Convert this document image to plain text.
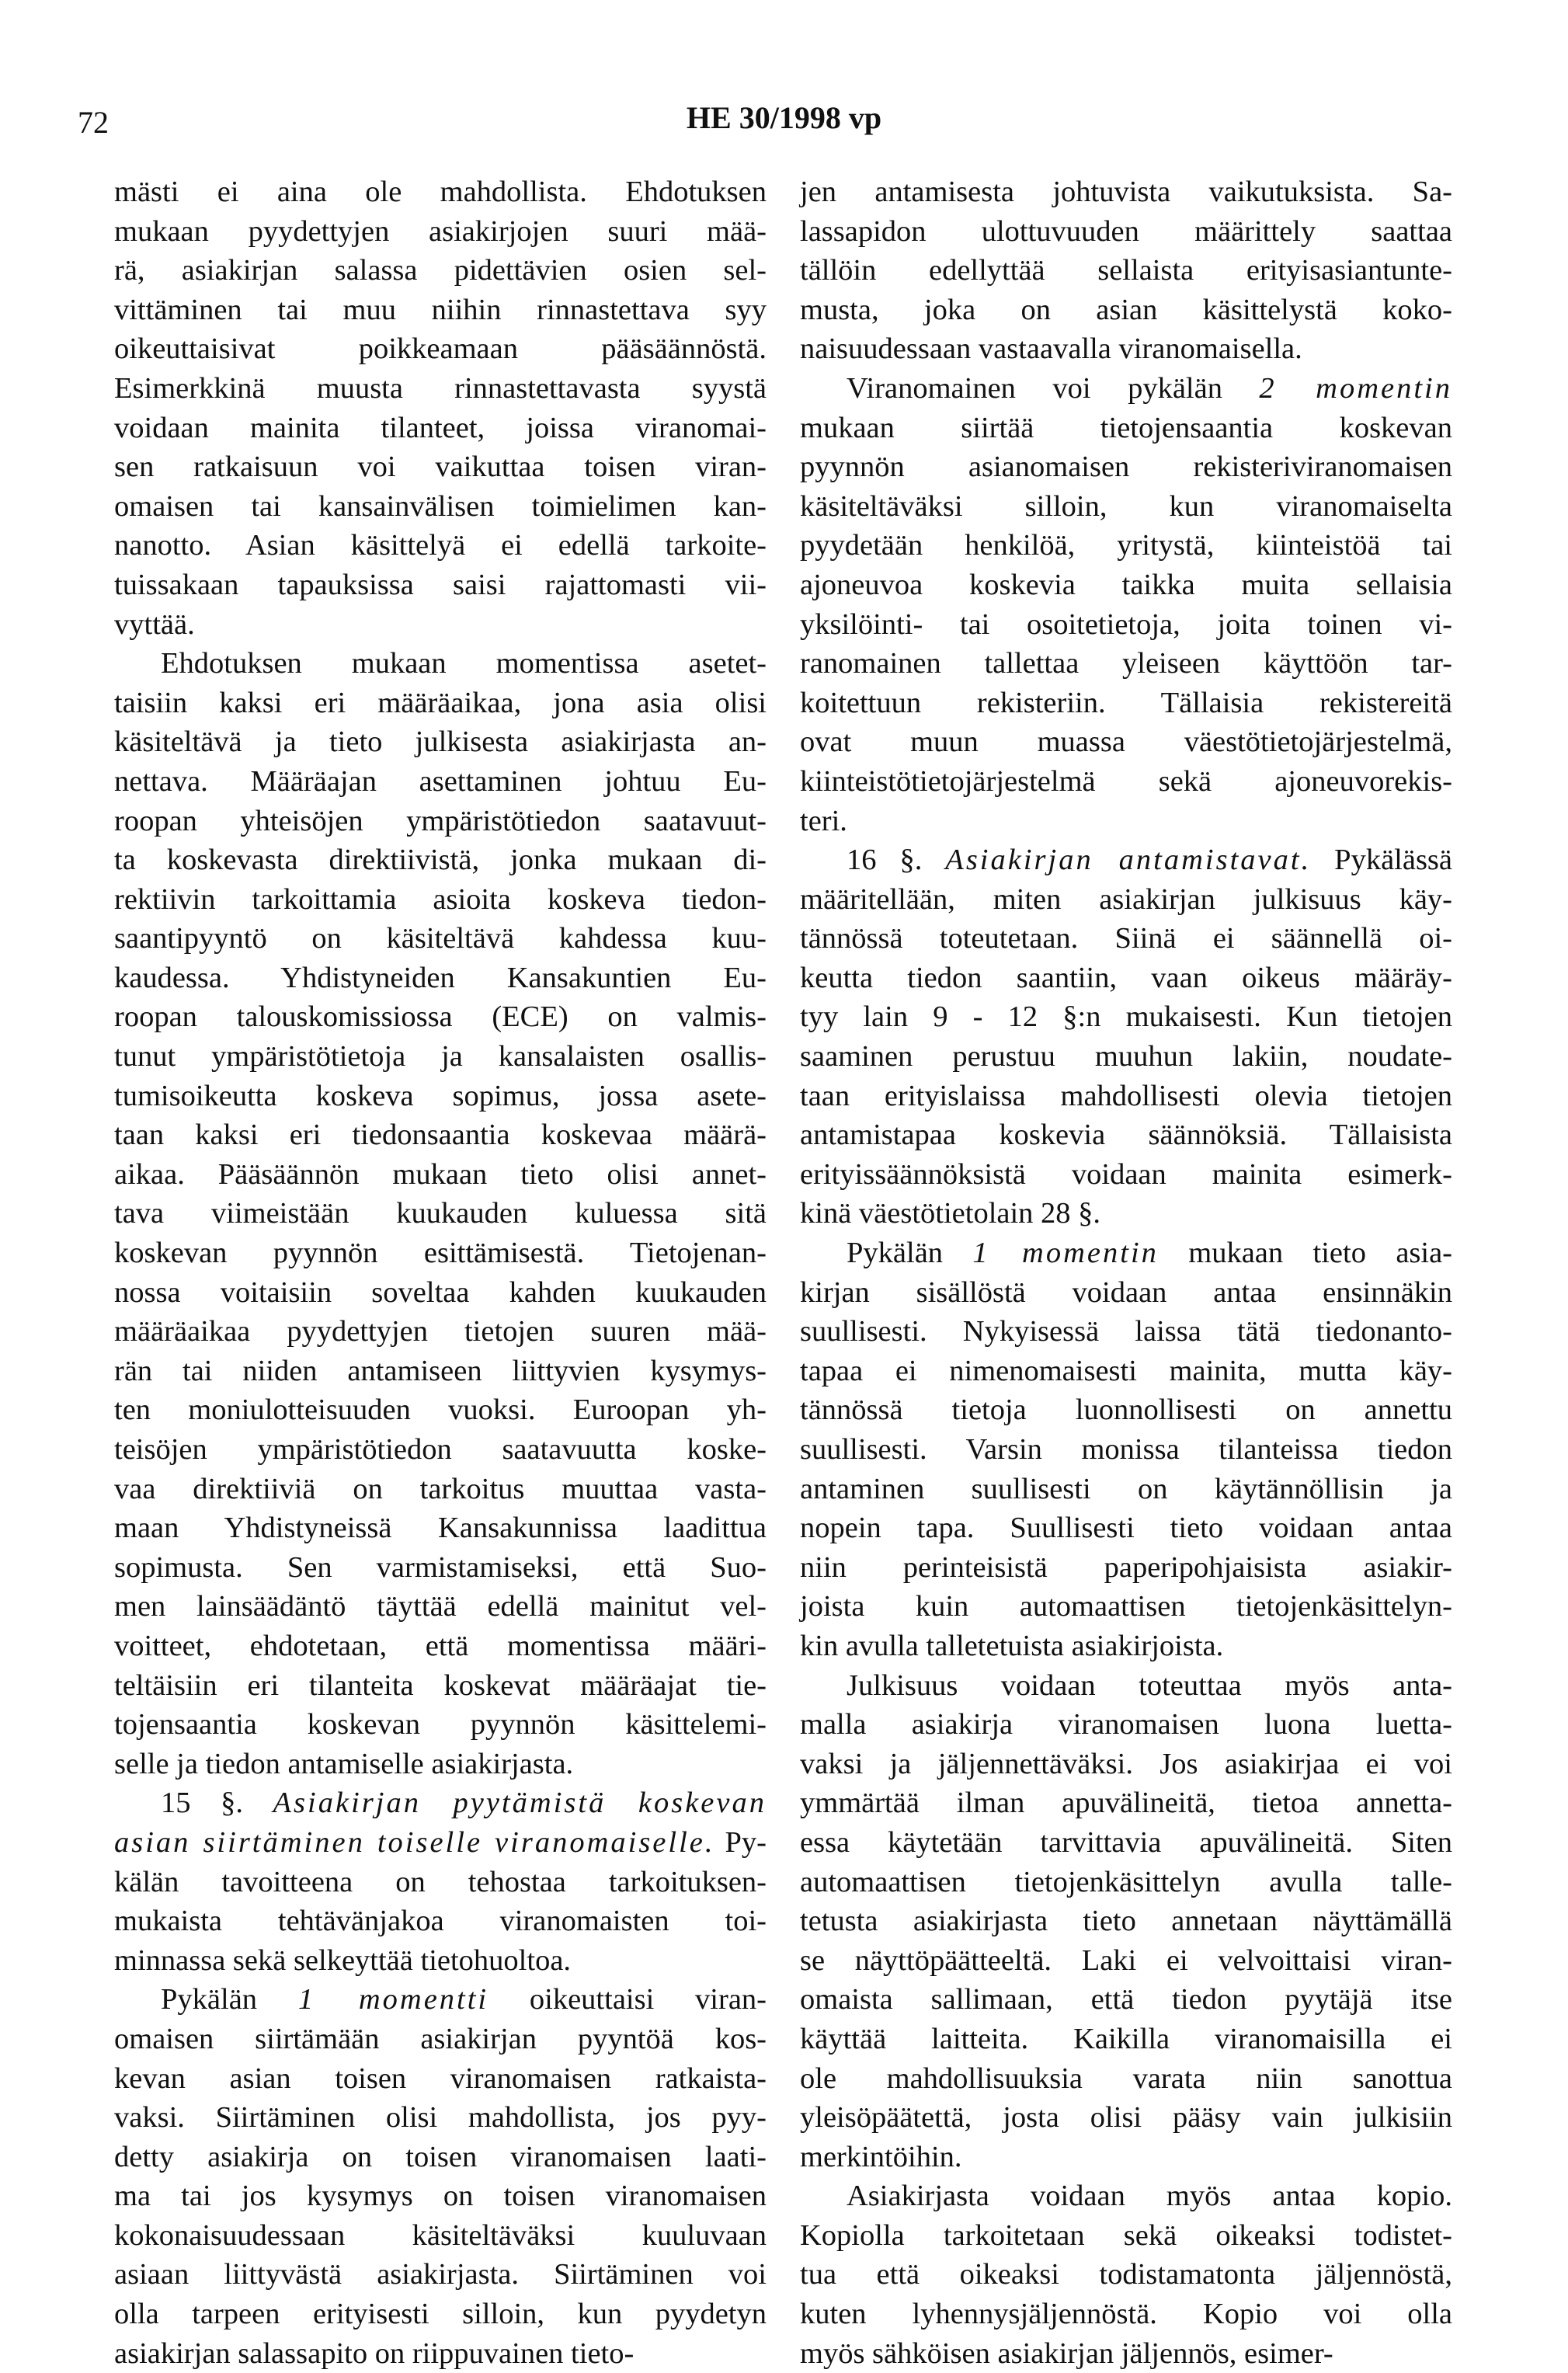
72	HE 30/1998 vp
mästi ei aina ole mahdollista. Ehdotuksen
mukaan pyydettyjen asiakirjojen suuri mää-
rä, asiakirjan salassa pidettävien osien sel-
vittäminen tai muu niihin rinnastettava syy
oikeuttaisivat poikkeamaan pääsäännöstä.
Esimerkkinä muusta rinnastettavasta syystä
voidaan mainita tilanteet, joissa viranomai-
sen ratkaisuun voi vaikuttaa toisen viran-
omaisen tai kansainvälisen toimielimen kan-
nanotto. Asian käsittelyä ei edellä tarkoite-
tuissakaan tapauksissa saisi rajattomasti vii-
vyttää.
Ehdotuksen mukaan momentissa asetet-
taisiin kaksi eri määräaikaa, jona asia olisi
käsiteltävä ja tieto julkisesta asiakirjasta an-
nettava. Määräajan asettaminen johtuu Eu-
roopan yhteisöjen ympäristötiedon saatavuut-
ta koskevasta direktiivistä, jonka mukaan di-
rektiivin tarkoittamia asioita koskeva tiedon-
saantipyyntö on käsiteltävä kahdessa kuu-
kaudessa. Yhdistyneiden Kansakuntien Eu-
roopan talouskomissiossa (ECE) on valmis-
tunut ympäristötietoja ja kansalaisten osallis-
tumisoikeutta koskeva sopimus, jossa asete-
taan kaksi eri tiedonsaantia koskevaa määrä-
aikaa. Pääsäännön mukaan tieto olisi annet-
tava viimeistään kuukauden kuluessa sitä
koskevan pyynnön esittämisestä. Tietojenan-
nossa voitaisiin soveltaa kahden kuukauden
määräaikaa pyydettyjen tietojen suuren mää-
rän tai niiden antamiseen liittyvien kysymys-
ten moniulotteisuuden vuoksi. Euroopan yh-
teisöjen ympäristötiedon saatavuutta koske-
vaa direktiiviä on tarkoitus muuttaa vasta-
maan Yhdistyneissä Kansakunnissa laadittua
sopimusta. Sen varmistamiseksi, että Suo-
men lainsäädäntö täyttää edellä mainitut vel-
voitteet, ehdotetaan, että momentissa määri-
teltäisiin eri tilanteita koskevat määräajat tie-
tojensaantia koskevan pyynnön käsittelemi-
selle ja tiedon antamiselle asiakirjasta.
15 §. Asiakirjan pyytämistä koskevan
asian siirtäminen toiselle viranomaiselle. Py-
kälän tavoitteena on tehostaa tarkoituksen-
mukaista tehtävänjakoa viranomaisten toi-
minnassa sekä selkeyttää tietohuoltoa.
Pykälän 1 momentti oikeuttaisi viran-
omaisen siirtämään asiakirjan pyyntöä kos-
kevan asian toisen viranomaisen ratkaista-
vaksi. Siirtäminen olisi mahdollista, jos pyy-
detty asiakirja on toisen viranomaisen laati-
ma tai jos kysymys on toisen viranomaisen
kokonaisuudessaan käsiteltäväksi kuuluvaan
asiaan liittyvästä asiakirjasta. Siirtäminen voi
olla tarpeen erityisesti silloin, kun pyydetyn
asiakirjan salassapito on riippuvainen tieto-
jen antamisesta johtuvista vaikutuksista. Sa-
lassapidon ulottuvuuden määrittely saattaa
tällöin edellyttää sellaista erityisasiantunte-
musta, joka on asian käsittelystä koko-
naisuudessaan vastaavalla viranomaisella.
Viranomainen voi pykälän 2 momentin
mukaan siirtää tietojensaantia koskevan
pyynnön asianomaisen rekisteriviranomaisen
käsiteltäväksi silloin, kun viranomaiselta
pyydetään henkilöä, yritystä, kiinteistöä tai
ajoneuvoa koskevia taikka muita sellaisia
yksilöinti- tai osoitetietoja, joita toinen vi-
ranomainen tallettaa yleiseen käyttöön tar-
koitettuun rekisteriin. Tällaisia rekistereitä
ovat muun muassa väestötietojärjestelmä,
kiinteistötietojärjestelmä sekä ajoneuvorekis-
teri.
16 §. Asiakirjan antamistavat. Pykälässä
määritellään, miten asiakirjan julkisuus käy-
tännössä toteutetaan. Siinä ei säännellä oi-
keutta tiedon saantiin, vaan oikeus määräy-
tyy lain 9 - 12 §:n mukaisesti. Kun tietojen
saaminen perustuu muuhun lakiin, noudate-
taan erityislaissa mahdollisesti olevia tietojen
antamistapaa koskevia säännöksiä. Tällaisista
erityissäännöksistä voidaan mainita esimerk-
kinä väestötietolain 28 §.
Pykälän 1 momentin mukaan tieto asia-
kirjan sisällöstä voidaan antaa ensinnäkin
suullisesti. Nykyisessä laissa tätä tiedonanto-
tapaa ei nimenomaisesti mainita, mutta käy-
tännössä tietoja luonnollisesti on annettu
suullisesti. Varsin monissa tilanteissa tiedon
antaminen suullisesti on käytännöllisin ja
nopein tapa. Suullisesti tieto voidaan antaa
niin perinteisistä paperipohjaisista asiakir-
joista kuin automaattisen tietojenkäsittelyn-
kin avulla talletetuista asiakirjoista.
Julkisuus voidaan toteuttaa myös anta-
malla asiakirja viranomaisen luona luetta-
vaksi ja jäljennettäväksi. Jos asiakirjaa ei voi
ymmärtää ilman apuvälineitä, tietoa annetta-
essa käytetään tarvittavia apuvälineitä. Siten
automaattisen tietojenkäsittelyn avulla talle-
tetusta asiakirjasta tieto annetaan näyttämällä
se näyttöpäätteeltä. Laki ei velvoittaisi viran-
omaista sallimaan, että tiedon pyytäjä itse
käyttää laitteita. Kaikilla viranomaisilla ei
ole mahdollisuuksia varata niin sanottua
yleisöpäätettä, josta olisi pääsy vain julkisiin
merkintöihin.
Asiakirjasta voidaan myös antaa kopio.
Kopiolla tarkoitetaan sekä oikeaksi todistet-
tua että oikeaksi todistamatonta jäljennöstä,
kuten lyhennysjäljennöstä. Kopio voi olla
myös sähköisen asiakirjan jäljennös, esimer-
